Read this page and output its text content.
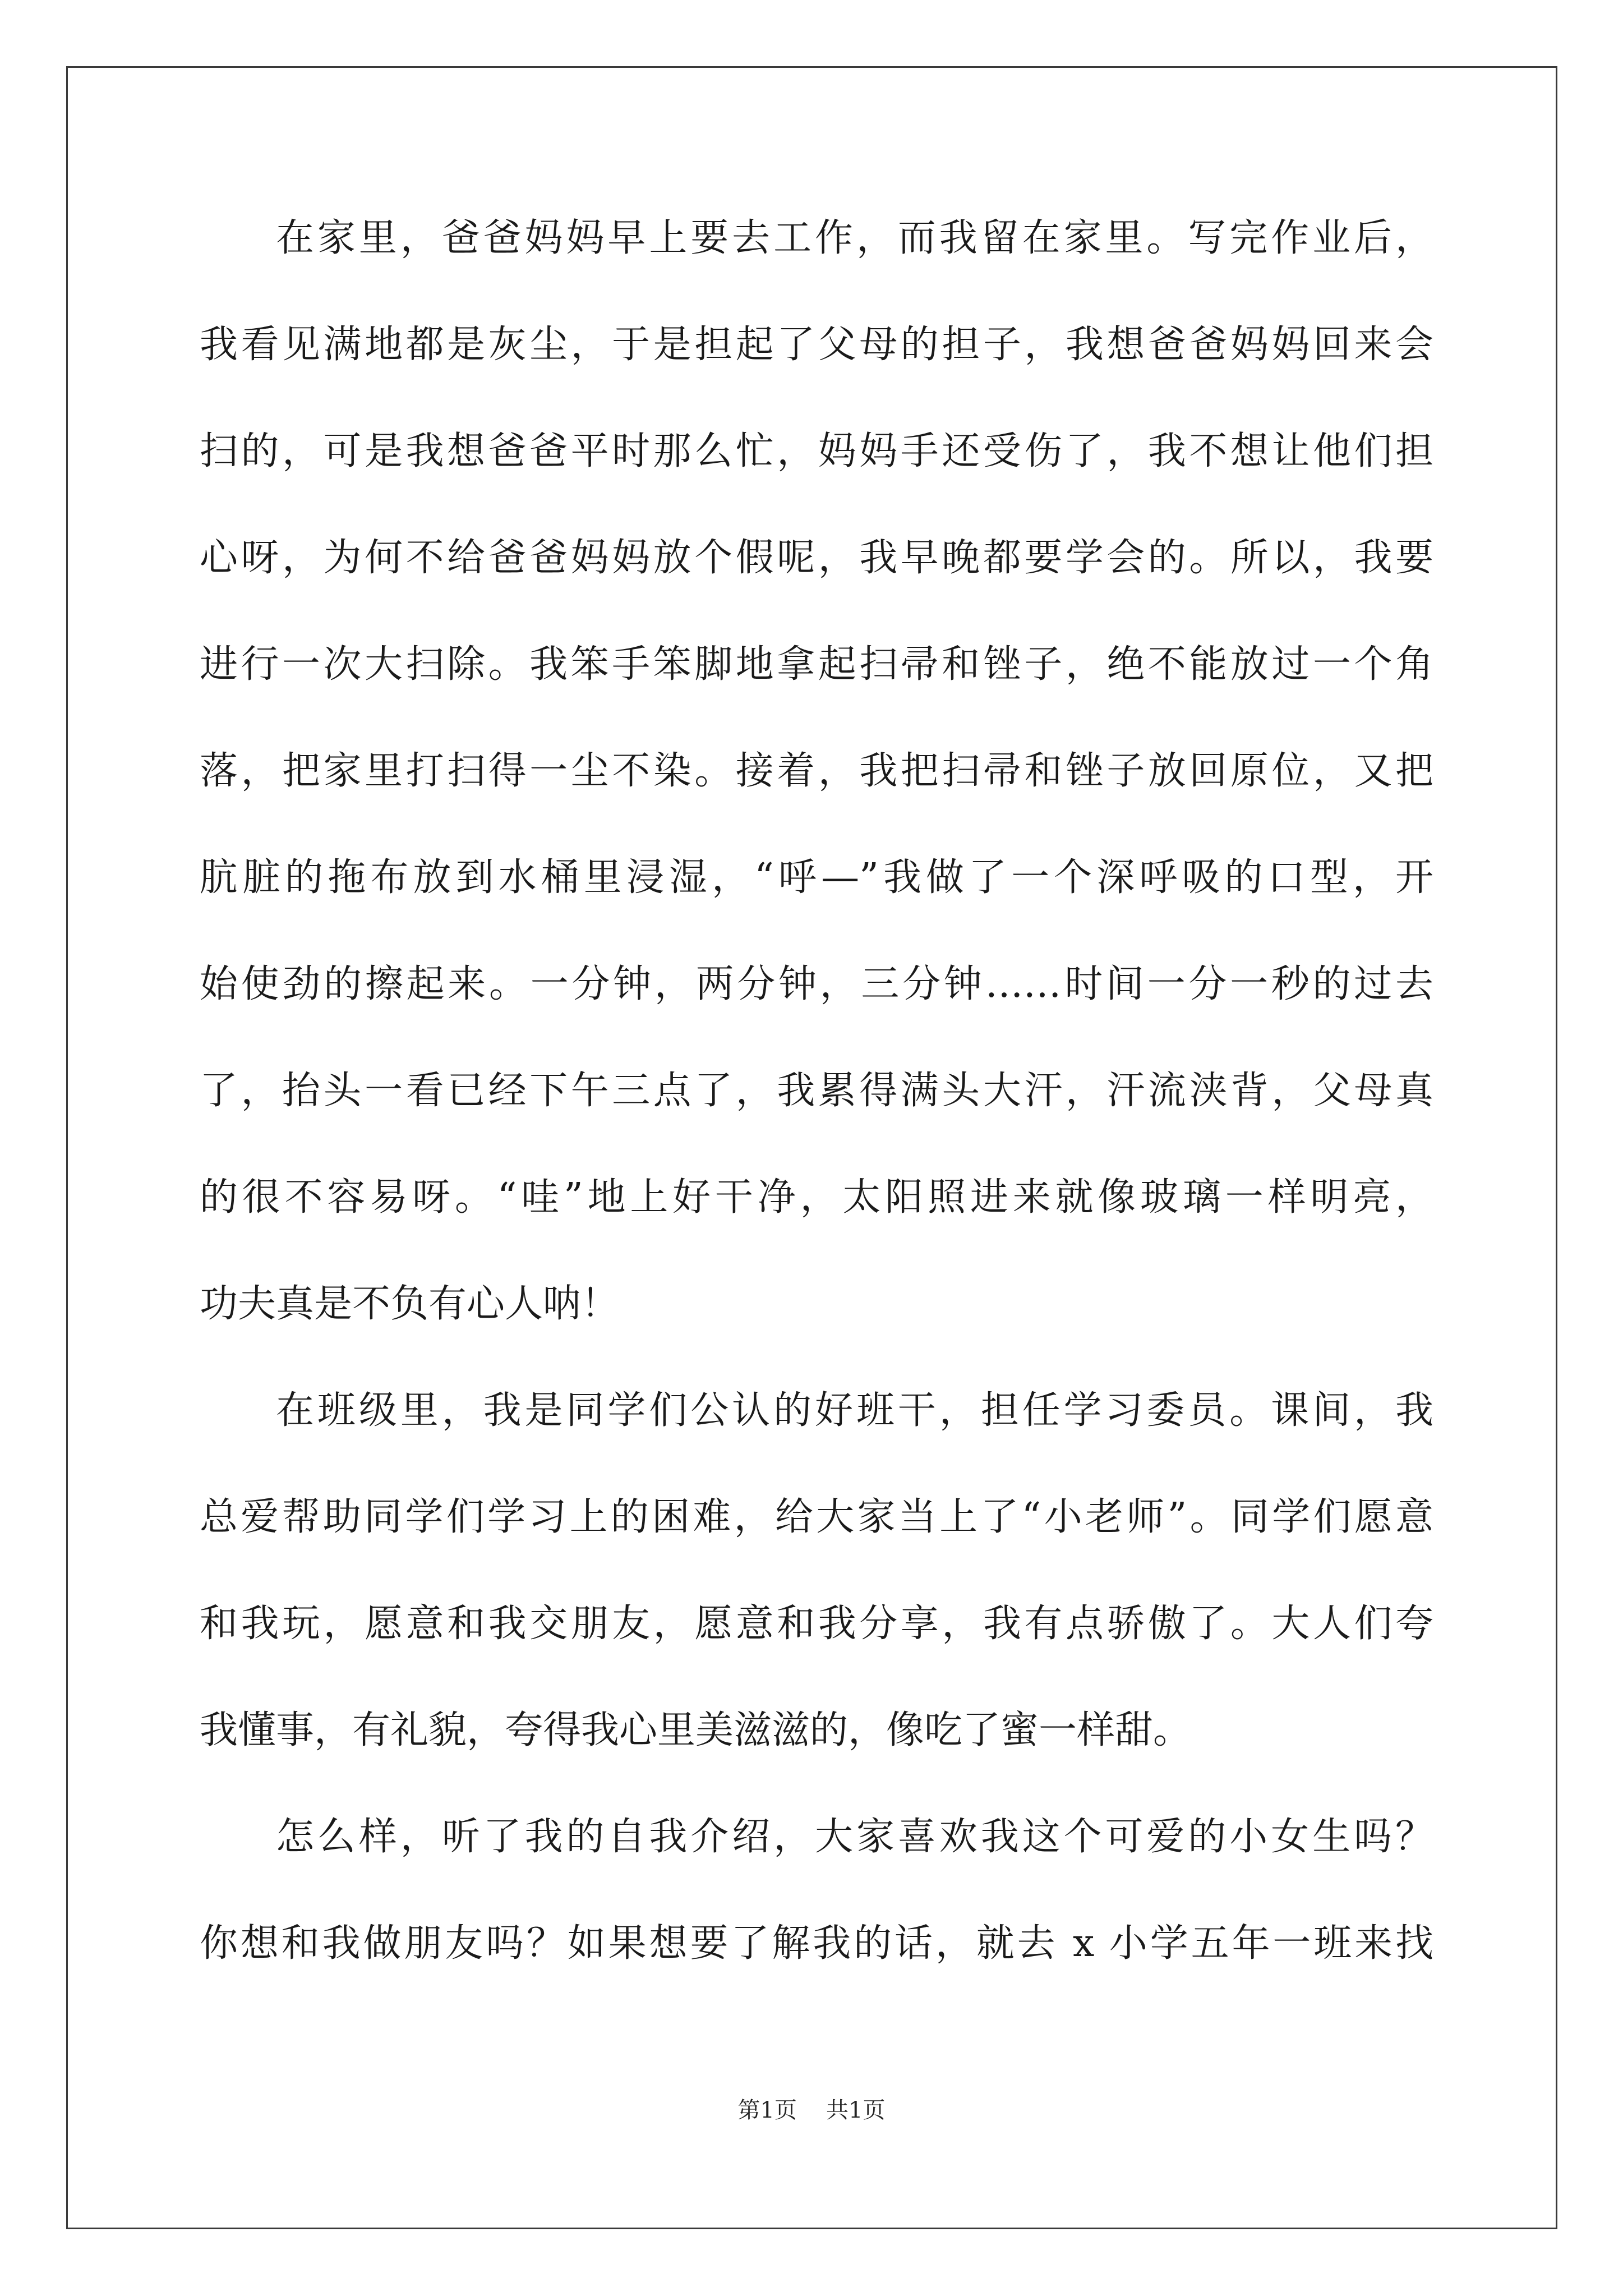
在家里，爸爸妈妈早上要去工作，而我留在家里。写完作业后，
我看见满地都是灰尘，于是担起了父母的担子，我想爸爸妈妈回来会
扫的，可是我想爸爸平时那么忙，妈妈手还受伤了，我不想让他们担
心呀，为何不给爸爸妈妈放个假呢，我早晚都要学会的。所以，我要
进行一次大扫除。我笨手笨脚地拿起扫帚和锉子，绝不能放过一个角
落，把家里打扫得一尘不染。接着，我把扫帚和锉子放回原位，又把
肮脏的拖布放到水桶里浸湿，“呼—”我做了一个深呼吸的口型，开
始使劲的擦起来。一分钟，两分钟，三分钟……时间一分一秒的过去
了，抬头一看已经下午三点了，我累得满头大汗，汗流浃背，父母真
的很不容易呀。“哇”地上好干净，太阳照进来就像玻璃一样明亮，
功夫真是不负有心人呐！
在班级里，我是同学们公认的好班干，担任学习委员。课间，我
总爱帮助同学们学习上的困难，给大家当上了“小老师”。同学们愿意
和我玩，愿意和我交朋友，愿意和我分享，我有点骄傲了。大人们夸
我懂事，有礼貌，夸得我心里美滋滋的，像吃了蜜一样甜。
怎么样，听了我的自我介绍，大家喜欢我这个可爱的小女生吗？
你想和我做朋友吗？如果想要了解我的话，就去 x 小学五年一班来找
第1页 共1页
